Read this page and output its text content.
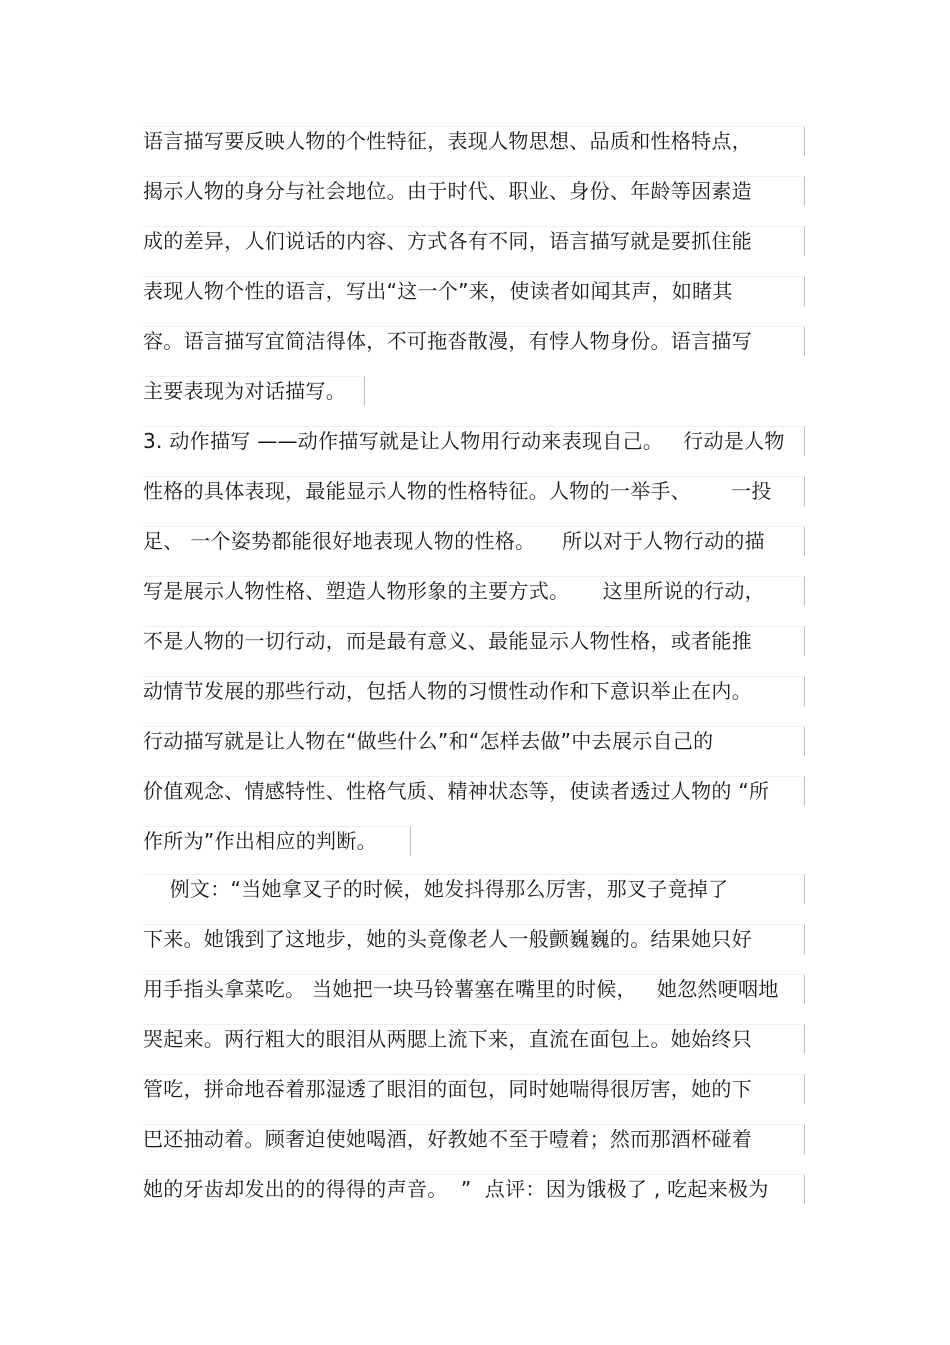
语言描写要反映人物的个性特征，表现人物思想、品质和性格特点，
揭示人物的身分与社会地位。由于时代、职业、身份、年龄等因素造
成的差异，人们说话的内容、方式各有不同，语言描写就是要抓住能
表现人物个性的语言，写出“这一个”来，使读者如闻其声，如睹其
容。语言描写宜简洁得体，不可拖沓散漫，有悖人物身份。语言描写
主要表现为对话描写。
3. 动作描写 ——动作描写就是让人物用行动来表现自己。   行动是人物
性格的具体表现，最能显示人物的性格特征。人物的一举手、      一投
足、 一个姿势都能很好地表现人物的性格。    所以对于人物行动的描
写是展示人物性格、塑造人物形象的主要方式。     这里所说的行动，
不是人物的一切行动，而是最有意义、最能显示人物性格，或者能推
动情节发展的那些行动，包括人物的习惯性动作和下意识举止在内。
行动描写就是让人物在“做些什么”和“怎样去做”中去展示自己的
价值观念、情感特性、性格气质、精神状态等，使读者透过人物的 “所
作所为”作出相应的判断。
例文：“当她拿叉子的时候，她发抖得那么厉害，那叉子竟掉了
下来。她饿到了这地步，她的头竟像老人一般颤巍巍的。结果她只好
用手指头拿菜吃。 当她把一块马铃薯塞在嘴里的时候，   她忽然哽咽地
哭起来。两行粗大的眼泪从两腮上流下来，直流在面包上。她始终只
管吃，拼命地吞着那湿透了眼泪的面包，同时她喘得很厉害，她的下
巴还抽动着。顾奢迫使她喝酒，好教她不至于噎着；然而那酒杯碰着
她的牙齿却发出的的得得的声音。  ”  点评：因为饿极了 , 吃起来极为
